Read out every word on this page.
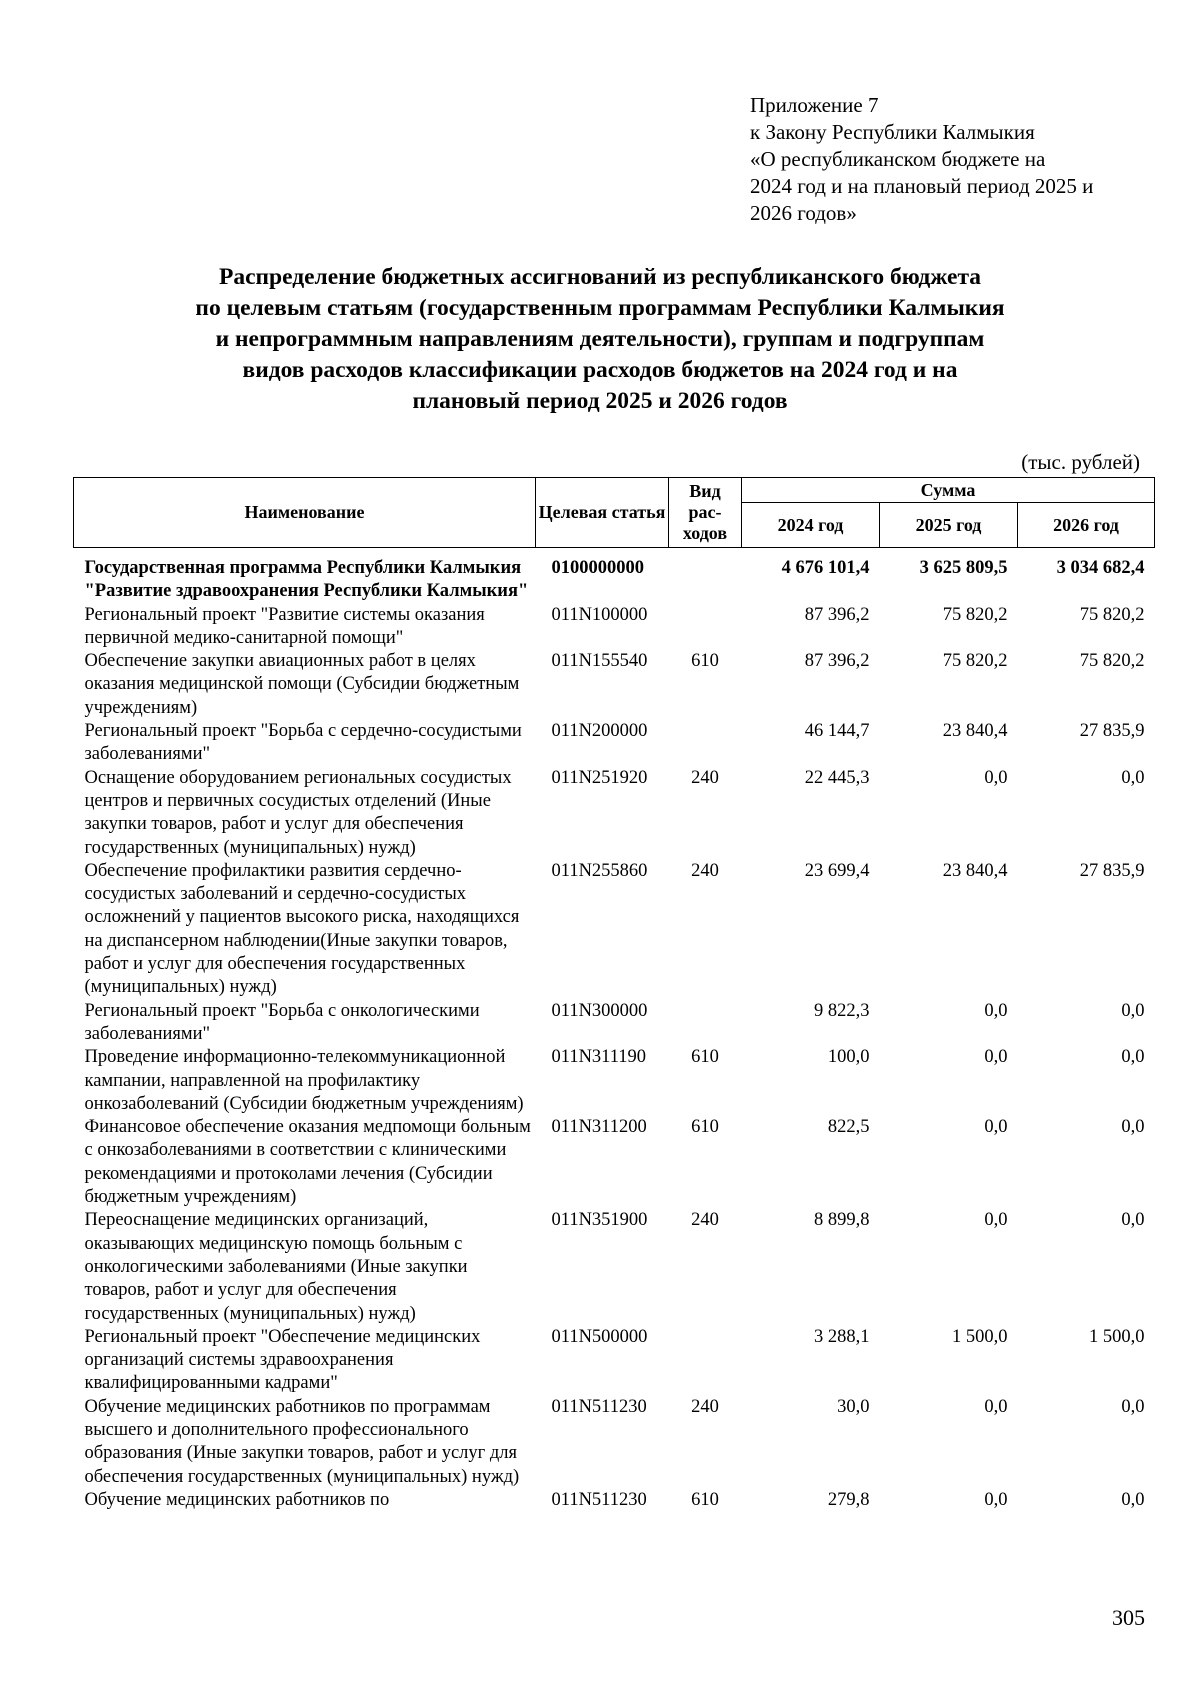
Приложение 7
к Закону Республики Калмыкия
«О республиканском бюджете на
2024 год и на плановый период 2025 и
2026 годов»
Распределение бюджетных ассигнований из республиканского бюджета
по целевым статьям (государственным программам Республики Калмыкия
и непрограммным направлениям деятельности), группам и подгруппам
видов расходов классификации расходов бюджетов на 2024 год и на
плановый период 2025 и 2026 годов
(тыс. рублей)
Наименование	Целевая статья	Вид рас-ходов	Сумма		
			2024 год	2025 год	2026 год
Государственная программа Республики Калмыкия "Развитие здравоохранения Республики Калмыкия"	0100000000		4 676 101,4	3 625 809,5	3 034 682,4
Региональный проект "Развитие системы оказания первичной медико-санитарной помощи"	011N100000		87 396,2	75 820,2	75 820,2
Обеспечение закупки авиационных работ в целях оказания медицинской помощи (Субсидии бюджетным учреждениям)	011N155540	610	87 396,2	75 820,2	75 820,2
Региональный проект "Борьба с сердечно-сосудистыми заболеваниями"	011N200000		46 144,7	23 840,4	27 835,9
Оснащение оборудованием региональных сосудистых центров и первичных сосудистых отделений (Иные закупки товаров, работ и услуг для обеспечения государственных (муниципальных) нужд)	011N251920	240	22 445,3	0,0	0,0
Обеспечение профилактики развития сердечно-сосудистых заболеваний и сердечно-сосудистых осложнений у пациентов высокого риска, находящихся на диспансерном наблюдении(Иные закупки товаров, работ и услуг для обеспечения государственных (муниципальных) нужд)	011N255860	240	23 699,4	23 840,4	27 835,9
Региональный проект "Борьба с онкологическими заболеваниями"	011N300000		9 822,3	0,0	0,0
Проведение информационно-телекоммуникационной кампании, направленной на профилактику онкозаболеваний (Субсидии бюджетным учреждениям)	011N311190	610	100,0	0,0	0,0
Финансовое обеспечение оказания медпомощи больным с онкозаболеваниями в соответствии с клиническими рекомендациями и протоколами лечения (Субсидии бюджетным учреждениям)	011N311200	610	822,5	0,0	0,0
Переоснащение медицинских организаций, оказывающих медицинскую помощь больным с онкологическими заболеваниями (Иные закупки товаров, работ и услуг для обеспечения государственных (муниципальных) нужд)	011N351900	240	8 899,8	0,0	0,0
Региональный проект "Обеспечение медицинских организаций системы здравоохранения квалифицированными кадрами"	011N500000		3 288,1	1 500,0	1 500,0
Обучение медицинских работников по программам высшего и дополнительного профессионального образования (Иные закупки товаров, работ и услуг для обеспечения государственных (муниципальных) нужд)	011N511230	240	30,0	0,0	0,0
Обучение медицинских работников по	011N511230	610	279,8	0,0	0,0
305
